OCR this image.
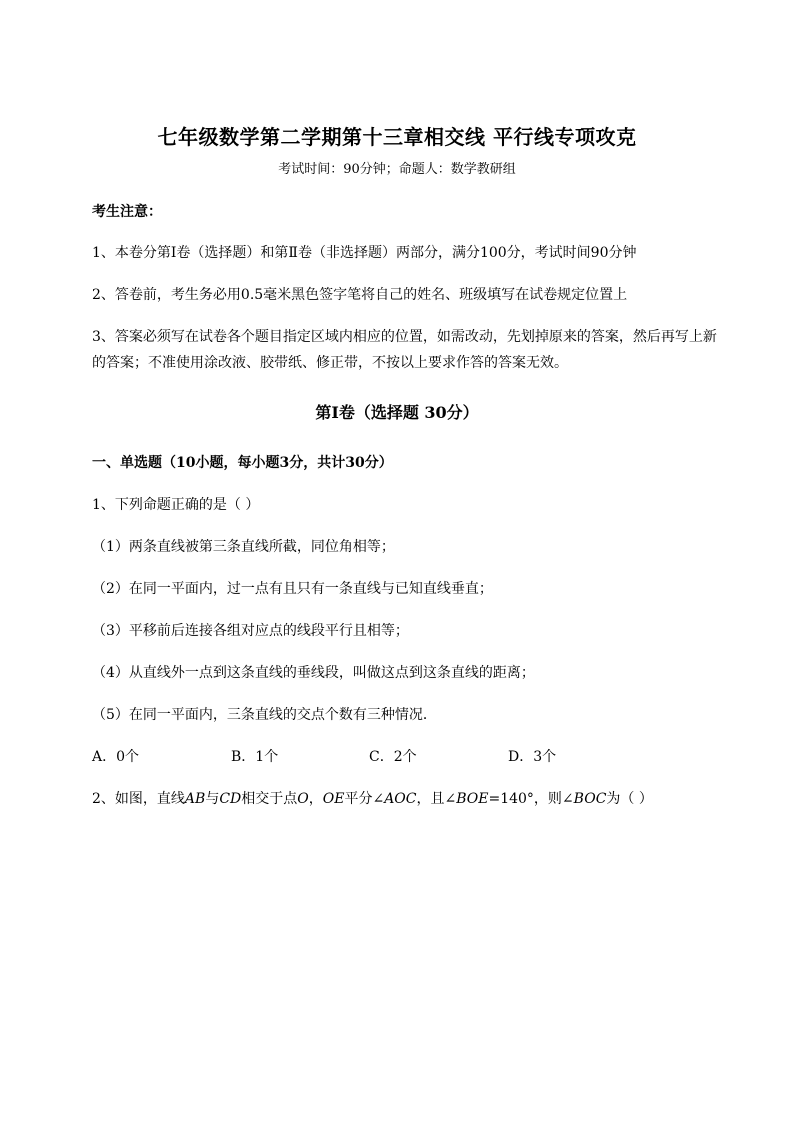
七年级数学第二学期第十三章相交线 平行线专项攻克
考试时间：90分钟；命题人：数学教研组
考生注意：
1、本卷分第I卷（选择题）和第Ⅱ卷（非选择题）两部分，满分100分，考试时间90分钟
2、答卷前，考生务必用0.5毫米黑色签字笔将自己的姓名、班级填写在试卷规定位置上
3、答案必须写在试卷各个题目指定区域内相应的位置，如需改动，先划掉原来的答案，然后再写上新
的答案；不准使用涂改液、胶带纸、修正带，不按以上要求作答的答案无效。
第I卷（选择题 30分）
一、单选题（10小题，每小题3分，共计30分）
1、下列命题正确的是（ ）
（1）两条直线被第三条直线所截，同位角相等；
（2）在同一平面内，过一点有且只有一条直线与已知直线垂直；
（3）平移前后连接各组对应点的线段平行且相等；
（4）从直线外一点到这条直线的垂线段，叫做这点到这条直线的距离；
（5）在同一平面内，三条直线的交点个数有三种情况．
A．0个	B．1个	C．2个	D．3个
2、如图，直线AB与CD相交于点O，OE平分∠AOC，且∠BOE=140°，则∠BOC为（ ）
